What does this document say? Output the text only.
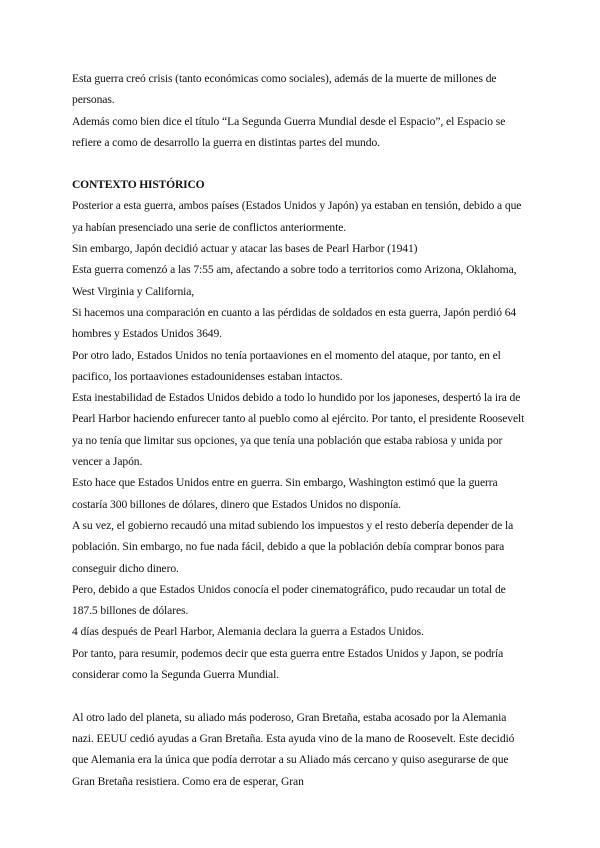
Esta guerra creó crisis (tanto económicas como sociales), además de la muerte de millones de personas.

Además como bien dice el título “La Segunda Guerra Mundial desde el Espacio”, el Espacio se refiere a como de desarrollo la guerra en distintas partes del mundo.

CONTEXTO HISTÓRICO

Posterior a esta guerra, ambos países (Estados Unidos y Japón) ya estaban en tensión, debido a que ya habían presenciado una serie de conflictos anteriormente.

Sin embargo, Japón decidió actuar y atacar las bases de Pearl Harbor (1941)

Esta guerra comenzó a las 7:55 am, afectando a sobre todo a territorios como Arizona, Oklahoma, West Virginia y California,

Si hacemos una comparación en cuanto a las pérdidas de soldados en esta guerra, Japón perdió 64 hombres y Estados Unidos 3649.

Por otro lado, Estados Unidos no tenía portaaviones en el momento del ataque, por tanto, en el pacifico, los portaaviones estadounidenses estaban intactos.

Esta inestabilidad de Estados Unidos debido a todo lo hundido por los japoneses, despertó la ira de Pearl Harbor haciendo enfurecer tanto al pueblo como al ejército. Por tanto, el presidente Roosevelt ya no tenía que limitar sus opciones, ya que tenía una población que estaba rabiosa y unida por vencer a Japón.

Esto hace que Estados Unidos entre en guerra. Sin embargo, Washington estimó que la guerra costaría 300 billones de dólares, dinero que Estados Unidos no disponía.

A su vez, el gobierno recaudó una mitad subiendo los impuestos y el resto debería depender de la población. Sin embargo, no fue nada fácil, debido a que la población debía comprar bonos para conseguir dicho dinero.

Pero, debido a que Estados Unidos conocía el poder cinematográfico, pudo recaudar un total de 187.5 billones de dólares.

4 días después de Pearl Harbor, Alemania declara la guerra a Estados Unidos.

Por tanto, para resumir, podemos decir que esta guerra entre Estados Unidos y Japon, se podría considerar como la Segunda Guerra Mundial.

Al otro lado del planeta, su aliado más poderoso, Gran Bretaña, estaba acosado por la Alemania nazi. EEUU cedió ayudas a Gran Bretaña. Esta ayuda vino de la mano de Roosevelt. Este decidió que Alemania era la única que podía derrotar a su Aliado más cercano y quiso asegurarse de que Gran Bretaña resistiera. Como era de esperar, Gran
